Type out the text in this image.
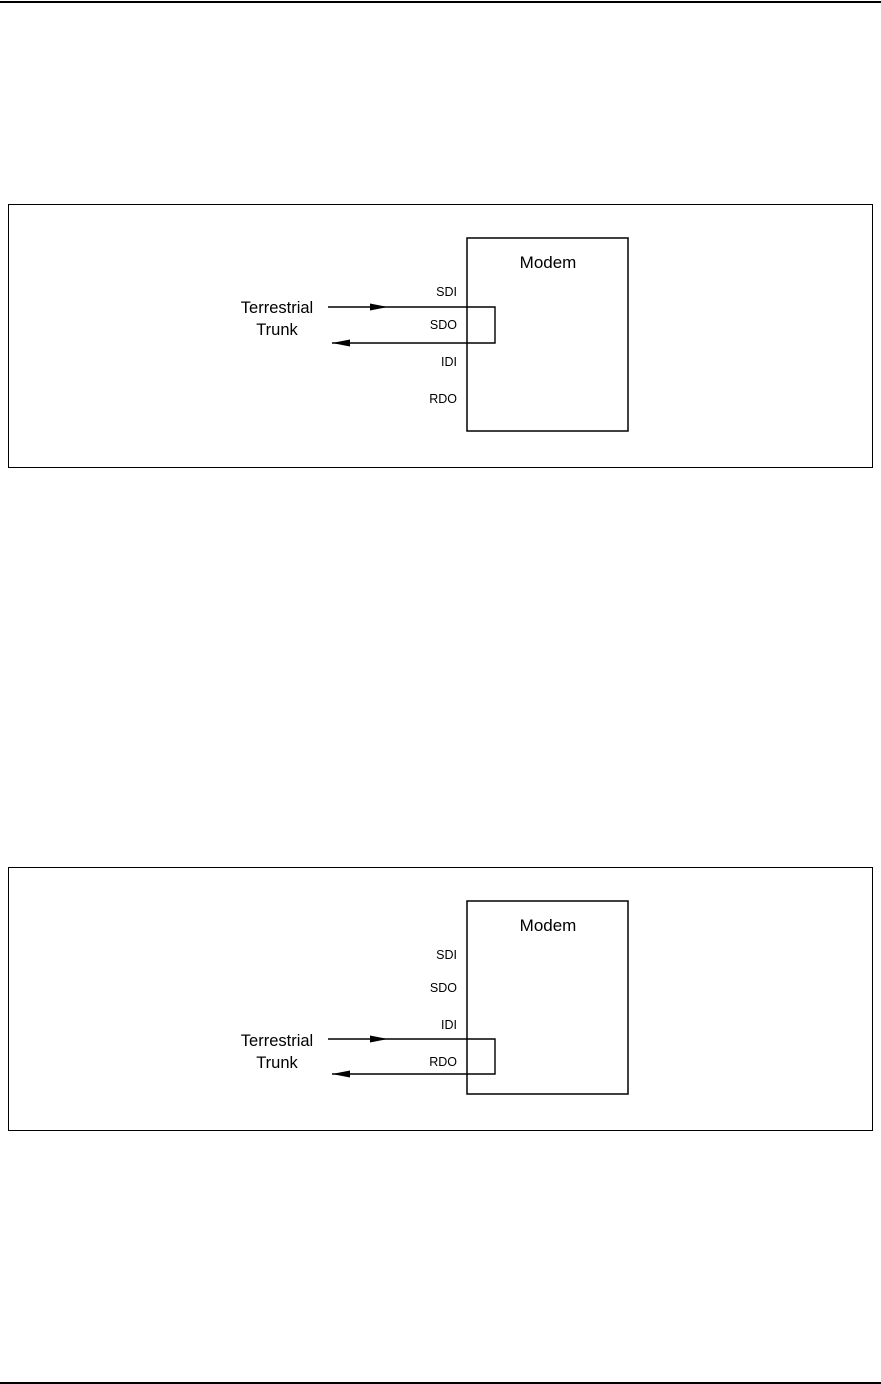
Modem
SDI
SDO
IDI
RDO
Terrestrial
Trunk
Modem
SDI
SDO
IDI
RDO
Terrestrial
Trunk
